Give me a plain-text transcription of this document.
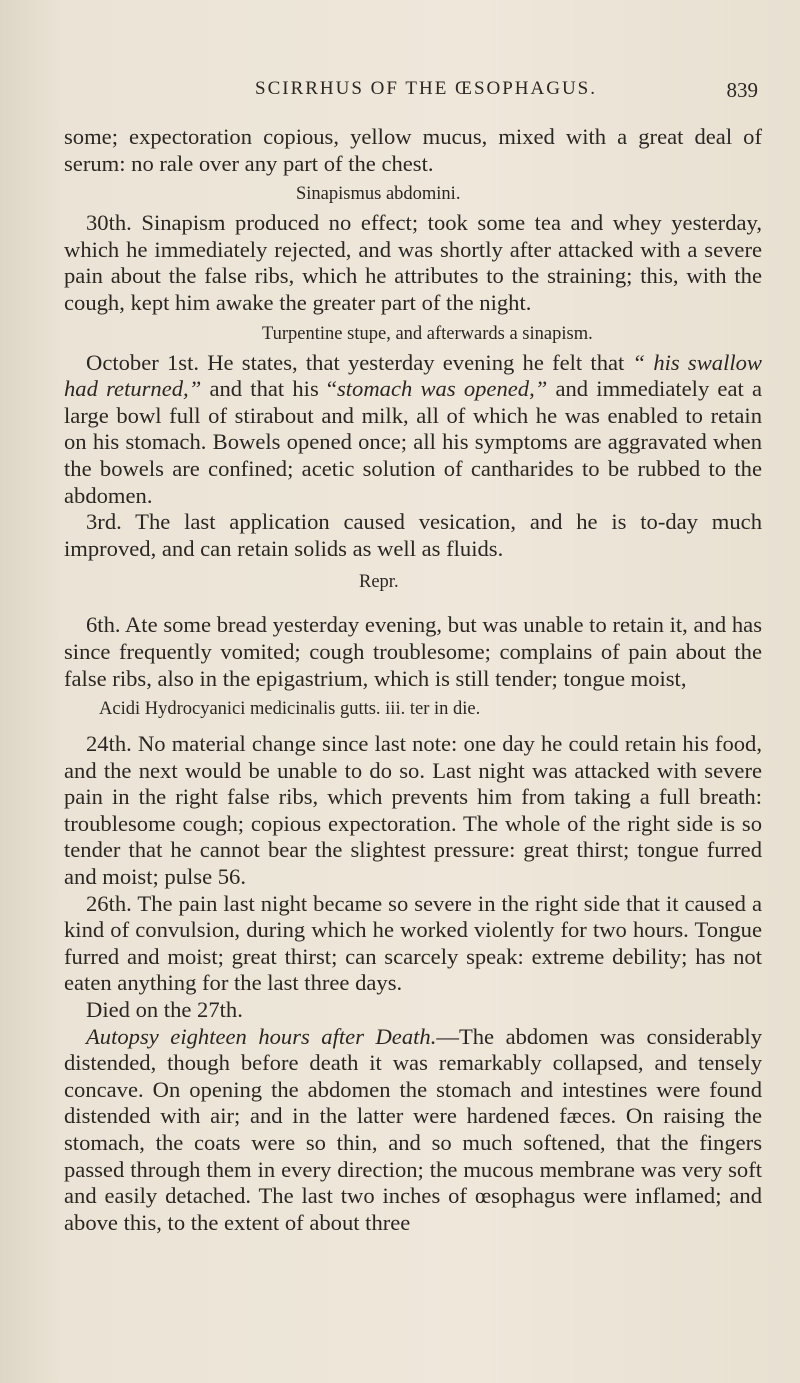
SCIRRHUS OF THE ŒSOPHAGUS.	839

some; expectoration copious, yellow mucus, mixed with a great deal of serum: no rale over any part of the chest.

Sinapismus abdomini.

30th. Sinapism produced no effect; took some tea and whey yesterday, which he immediately rejected, and was shortly after attacked with a severe pain about the false ribs, which he attributes to the straining; this, with the cough, kept him awake the greater part of the night.

Turpentine stupe, and afterwards a sinapism.

October 1st. He states, that yesterday evening he felt that “ his swallow had returned,” and that his “stomach was opened,” and immediately eat a large bowl full of stirabout and milk, all of which he was enabled to retain on his stomach. Bowels opened once; all his symptoms are aggravated when the bowels are confined; acetic solution of cantharides to be rubbed to the abdomen.

3rd. The last application caused vesication, and he is to-day much improved, and can retain solids as well as fluids.

Repr.

6th. Ate some bread yesterday evening, but was unable to retain it, and has since frequently vomited; cough troublesome; complains of pain about the false ribs, also in the epigastrium, which is still tender; tongue moist,

Acidi Hydrocyanici medicinalis gutts. iii. ter in die.

24th. No material change since last note: one day he could retain his food, and the next would be unable to do so. Last night was attacked with severe pain in the right false ribs, which prevents him from taking a full breath: troublesome cough; copious expectoration. The whole of the right side is so tender that he cannot bear the slightest pressure: great thirst; tongue furred and moist; pulse 56.

26th. The pain last night became so severe in the right side that it caused a kind of convulsion, during which he worked violently for two hours. Tongue furred and moist; great thirst; can scarcely speak: extreme debility; has not eaten anything for the last three days.

Died on the 27th.

Autopsy eighteen hours after Death.—The abdomen was considerably distended, though before death it was remarkably collapsed, and tensely concave. On opening the abdomen the stomach and intestines were found distended with air; and in the latter were hardened fæces. On raising the stomach, the coats were so thin, and so much softened, that the fingers passed through them in every direction; the mucous membrane was very soft and easily detached. The last two inches of œsophagus were inflamed; and above this, to the extent of about three
